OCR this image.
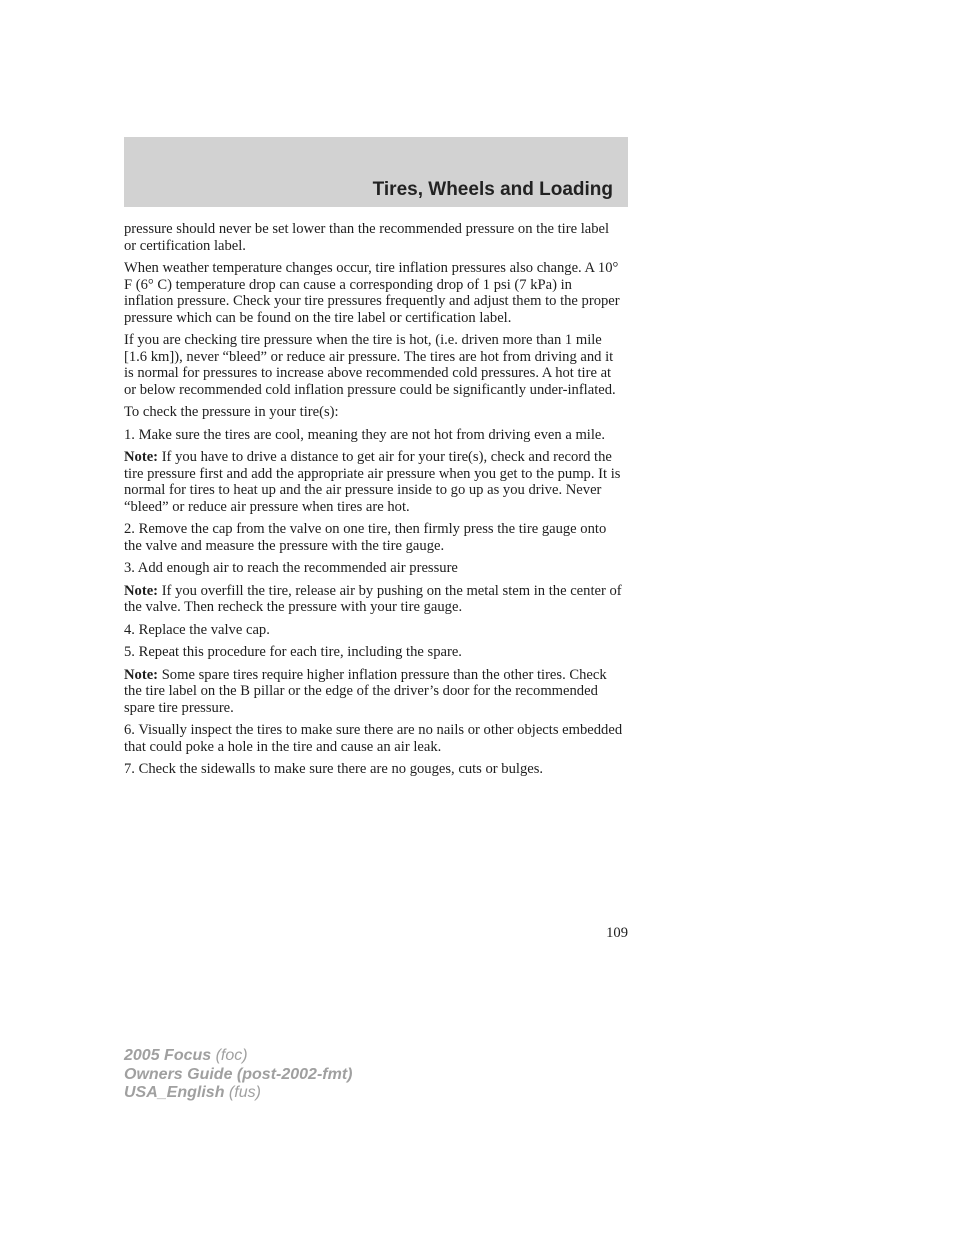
Tires, Wheels and Loading

pressure should never be set lower than the recommended pressure on the tire label or certification label.

When weather temperature changes occur, tire inflation pressures also change. A 10° F (6° C) temperature drop can cause a corresponding drop of 1 psi (7 kPa) in inflation pressure. Check your tire pressures frequently and adjust them to the proper pressure which can be found on the tire label or certification label.

If you are checking tire pressure when the tire is hot, (i.e. driven more than 1 mile [1.6 km]), never “bleed” or reduce air pressure. The tires are hot from driving and it is normal for pressures to increase above recommended cold pressures. A hot tire at or below recommended cold inflation pressure could be significantly under-inflated.

To check the pressure in your tire(s):

1. Make sure the tires are cool, meaning they are not hot from driving even a mile.

Note: If you have to drive a distance to get air for your tire(s), check and record the tire pressure first and add the appropriate air pressure when you get to the pump. It is normal for tires to heat up and the air pressure inside to go up as you drive. Never “bleed” or reduce air pressure when tires are hot.

2. Remove the cap from the valve on one tire, then firmly press the tire gauge onto the valve and measure the pressure with the tire gauge.

3. Add enough air to reach the recommended air pressure

Note: If you overfill the tire, release air by pushing on the metal stem in the center of the valve. Then recheck the pressure with your tire gauge.

4. Replace the valve cap.

5. Repeat this procedure for each tire, including the spare.

Note: Some spare tires require higher inflation pressure than the other tires. Check the tire label on the B pillar or the edge of the driver’s door for the recommended spare tire pressure.

6. Visually inspect the tires to make sure there are no nails or other objects embedded that could poke a hole in the tire and cause an air leak.

7. Check the sidewalls to make sure there are no gouges, cuts or bulges.

109
2005 Focus (foc)
Owners Guide (post-2002-fmt)
USA_English (fus)
